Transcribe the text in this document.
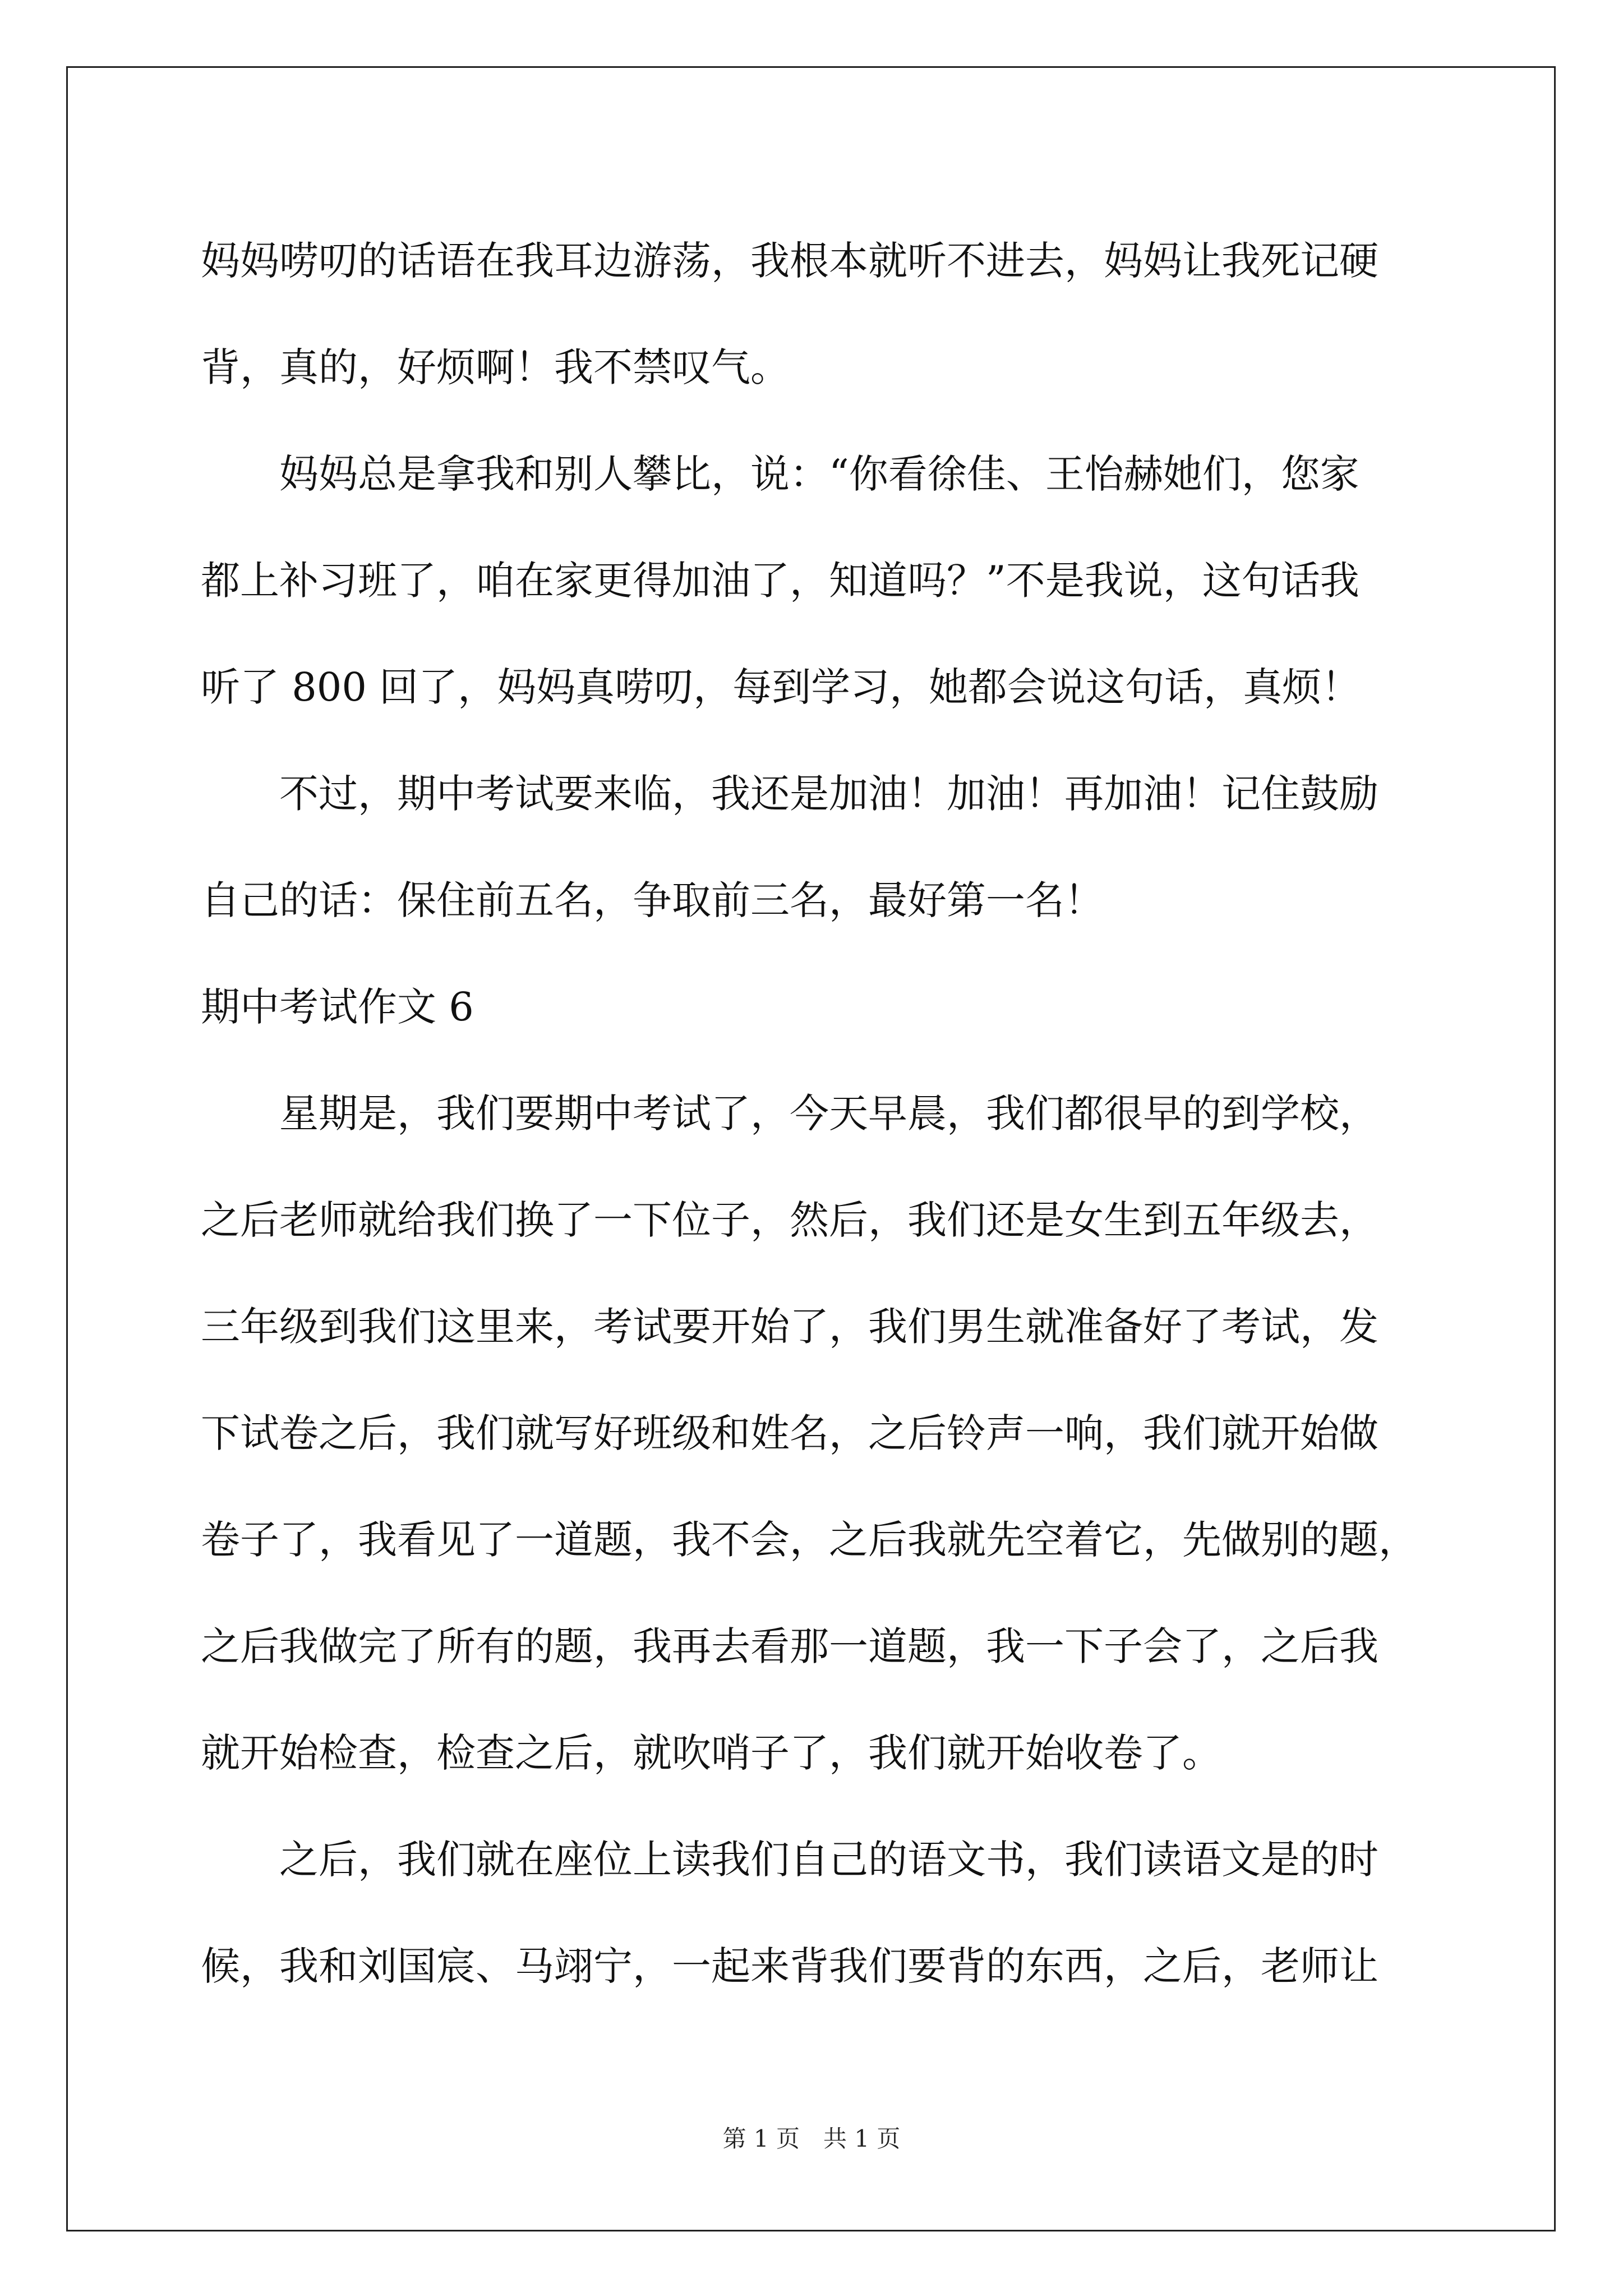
妈妈唠叨的话语在我耳边游荡，我根本就听不进去，妈妈让我死记硬

背，真的，好烦啊！我不禁叹气。

　　妈妈总是拿我和别人攀比，说：“你看徐佳、王怡赫她们，您家

都上补习班了，咱在家更得加油了，知道吗？”不是我说，这句话我

听了 800 回了，妈妈真唠叨，每到学习，她都会说这句话，真烦！

　　不过，期中考试要来临，我还是加油！加油！再加油！记住鼓励

自己的话：保住前五名，争取前三名，最好第一名！

期中考试作文 6

　　星期是，我们要期中考试了，今天早晨，我们都很早的到学校，

之后老师就给我们换了一下位子，然后，我们还是女生到五年级去，

三年级到我们这里来，考试要开始了，我们男生就准备好了考试，发

下试卷之后，我们就写好班级和姓名，之后铃声一响，我们就开始做

卷子了，我看见了一道题，我不会，之后我就先空着它，先做别的题，

之后我做完了所有的题，我再去看那一道题，我一下子会了，之后我

就开始检查，检查之后，就吹哨子了，我们就开始收卷了。

　　之后，我们就在座位上读我们自己的语文书，我们读语文是的时

候，我和刘国宸、马翊宁，一起来背我们要背的东西，之后，老师让

第 1 页　共 1 页
